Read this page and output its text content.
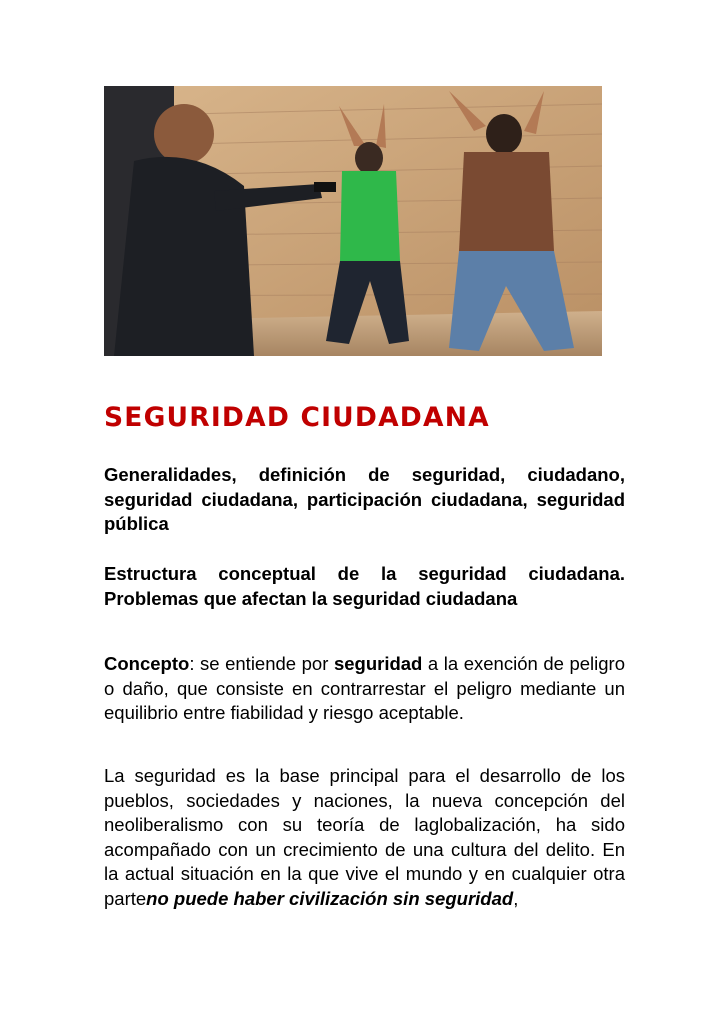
SEGURIDAD CIUDADANA

Generalidades, definición de seguridad, ciudadano, seguridad ciudadana, participación ciudadana, seguridad pública

Estructura conceptual de la seguridad ciudadana. Problemas que afectan la seguridad ciudadana

Concepto: se entiende por seguridad a la exención de peligro o daño, que consiste en contrarrestar el peligro mediante un equilibrio entre fiabilidad y riesgo aceptable.

La seguridad es la base principal para el desarrollo de los pueblos, sociedades y naciones, la nueva concepción del neoliberalismo con su teoría de laglobalización, ha sido acompañado con un crecimiento de una cultura del delito. En la actual situación en la que vive el mundo y en cualquier otra parteno puede haber civilización sin seguridad,
